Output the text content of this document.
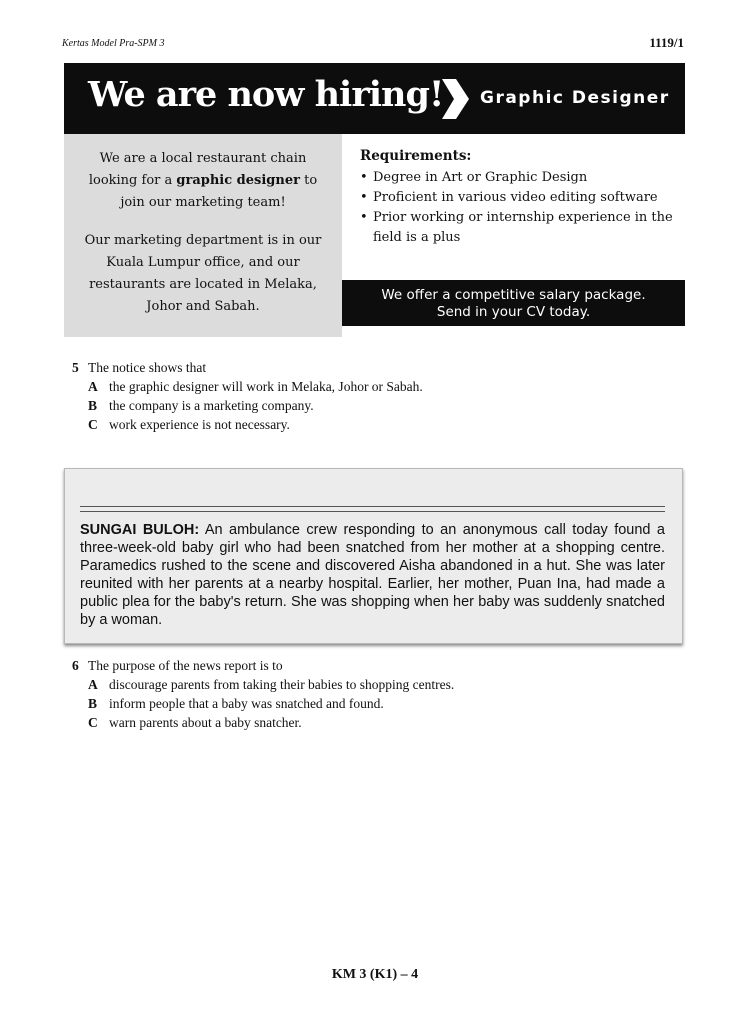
Kertas Model Pra-SPM 3	1119/1
We are now hiring! Graphic Designer

We are a local restaurant chain looking for a graphic designer to join our marketing team!

Our marketing department is in our Kuala Lumpur office, and our restaurants are located in Melaka, Johor and Sabah.

Requirements:
• Degree in Art or Graphic Design
• Proficient in various video editing software
• Prior working or internship experience in the field is a plus
We offer a competitive salary package.
Send in your CV today.
5 The notice shows that
A the graphic designer will work in Melaka, Johor or Sabah.
B the company is a marketing company.
C work experience is not necessary.

SUNGAI BULOH: An ambulance crew responding to an anonymous call today found a three-week-old baby girl who had been snatched from her mother at a shopping centre. Paramedics rushed to the scene and discovered Aisha abandoned in a hut. She was later reunited with her parents at a nearby hospital. Earlier, her mother, Puan Ina, had made a public plea for the baby's return. She was shopping when her baby was suddenly snatched by a woman.

6 The purpose of the news report is to
A discourage parents from taking their babies to shopping centres.
B inform people that a baby was snatched and found.
C warn parents about a baby snatcher.
KM 3 (K1) – 4
